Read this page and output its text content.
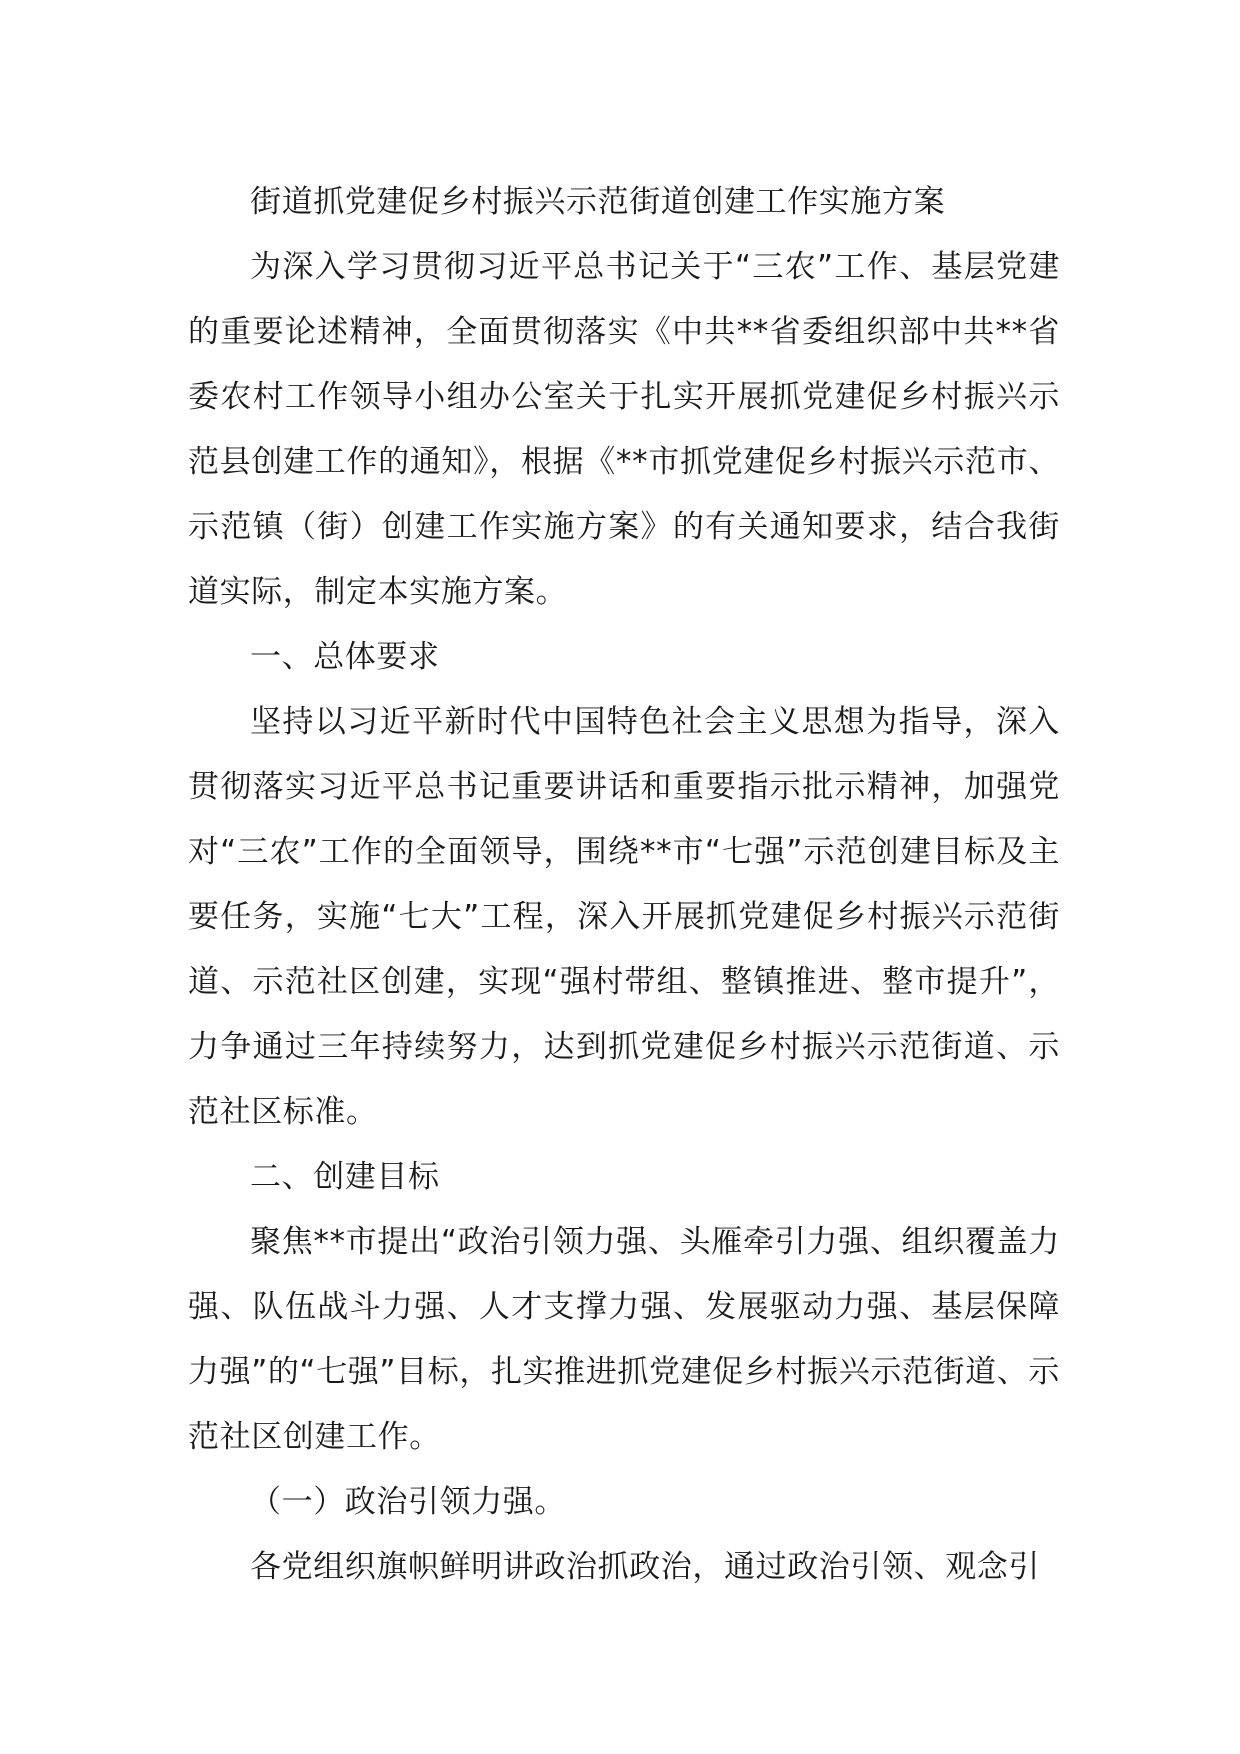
街道抓党建促乡村振兴示范街道创建工作实施方案

为深入学习贯彻习近平总书记关于“三农”工作、基层党建的重要论述精神，全面贯彻落实《中共**省委组织部中共**省委农村工作领导小组办公室关于扎实开展抓党建促乡村振兴示范县创建工作的通知》，根据《**市抓党建促乡村振兴示范市、示范镇（街）创建工作实施方案》的有关通知要求，结合我街道实际，制定本实施方案。

一、总体要求

坚持以习近平新时代中国特色社会主义思想为指导，深入贯彻落实习近平总书记重要讲话和重要指示批示精神，加强党对“三农”工作的全面领导，围绕**市“七强”示范创建目标及主要任务，实施“七大”工程，深入开展抓党建促乡村振兴示范街道、示范社区创建，实现“强村带组、整镇推进、整市提升”，力争通过三年持续努力，达到抓党建促乡村振兴示范街道、示范社区标准。

二、创建目标

聚焦**市提出“政治引领力强、头雁牵引力强、组织覆盖力强、队伍战斗力强、人才支撑力强、发展驱动力强、基层保障力强”的“七强”目标，扎实推进抓党建促乡村振兴示范街道、示范社区创建工作。

（一）政治引领力强。

各党组织旗帜鲜明讲政治抓政治，通过政治引领、观念引
